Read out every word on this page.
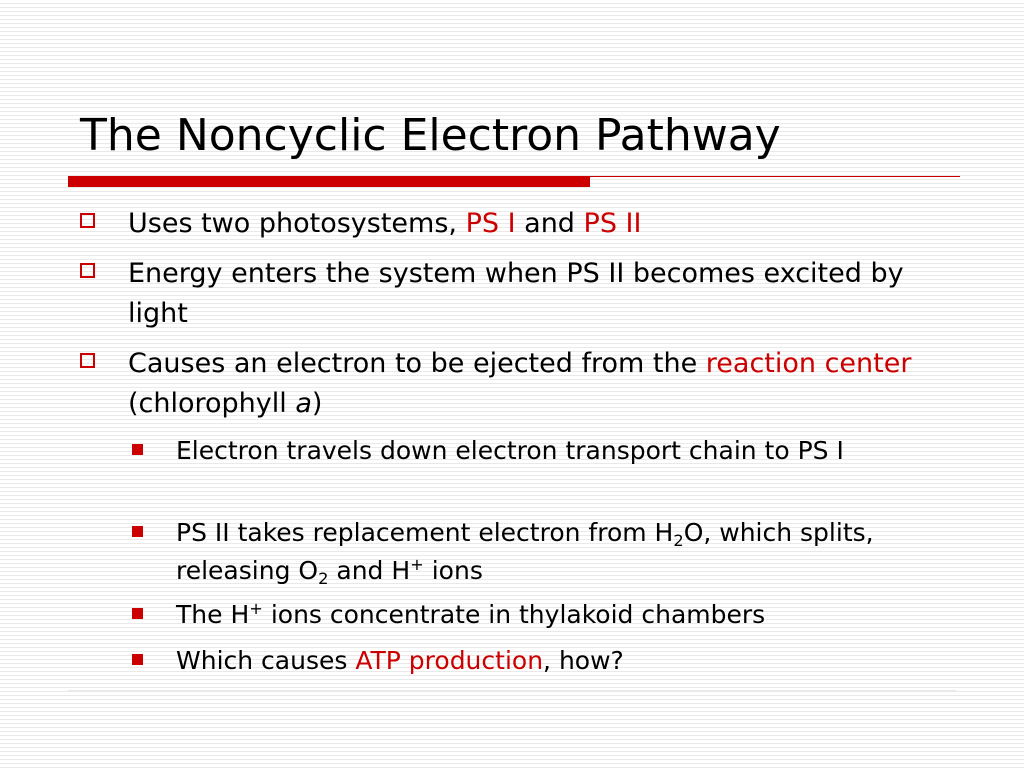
The Noncyclic Electron Pathway
Uses two photosystems, PS I and PS II
Energy enters the system when PS II becomes excited by light
Causes an electron to be ejected from the reaction center (chlorophyll a)
Electron travels down electron transport chain to PS I
PS II takes replacement electron from $H_2O$, which splits, releasing $O_2$ and H+ ions
The H+ ions concentrate in thylakoid chambers
Which causes ATP production, how?
